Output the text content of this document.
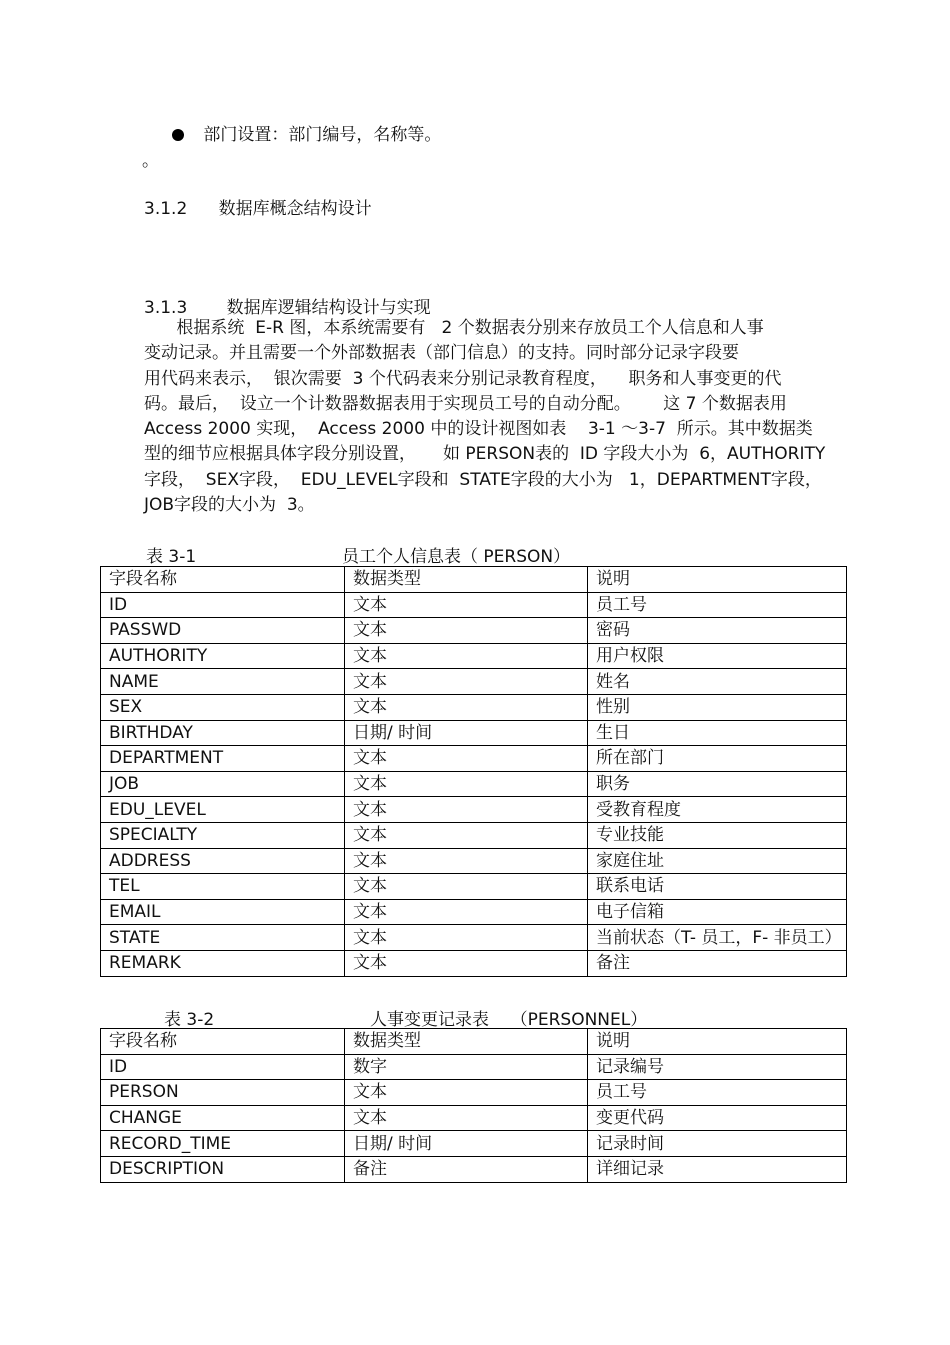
部门设置：部门编号，名称等。
。
3.1.2 数据库概念结构设计
3.1.3 数据库逻辑结构设计与实现
根据系统  E-R 图，本系统需要有   2 个数据表分别来存放员工个人信息和人事
变动记录。并且需要一个外部数据表（部门信息）的支持。同时部分记录字段要
用代码来表示，  银次需要  3 个代码表来分别记录教育程度，    职务和人事变更的代
码。最后，  设立一个计数器数据表用于实现员工号的自动分配。      这 7 个数据表用
Access 2000 实现，  Access 2000 中的设计视图如表    3-1 ～3-7  所示。其中数据类
型的细节应根据具体字段分别设置，     如 PERSON表的  ID 字段大小为  6，AUTHORITY
字段，  SEX字段，  EDU_LEVEL字段和  STATE字段的大小为   1，DEPARTMENT字段，
JOB字段的大小为  3。
表 3-1	员工个人信息表（ PERSON）
字段名称	数据类型	说明
ID	文本	员工号
PASSWD	文本	密码
AUTHORITY	文本	用户权限
NAME	文本	姓名
SEX	文本	性别
BIRTHDAY	日期/ 时间	生日
DEPARTMENT	文本	所在部门
JOB	文本	职务
EDU_LEVEL	文本	受教育程度
SPECIALTY	文本	专业技能
ADDRESS	文本	家庭住址
TEL	文本	联系电话
EMAIL	文本	电子信箱
STATE	文本	当前状态（T- 员工，F- 非员工）
REMARK	文本	备注
表 3-2	人事变更记录表    （PERSONNEL）
字段名称	数据类型	说明
ID	数字	记录编号
PERSON	文本	员工号
CHANGE	文本	变更代码
RECORD_TIME	日期/ 时间	记录时间
DESCRIPTION	备注	详细记录
